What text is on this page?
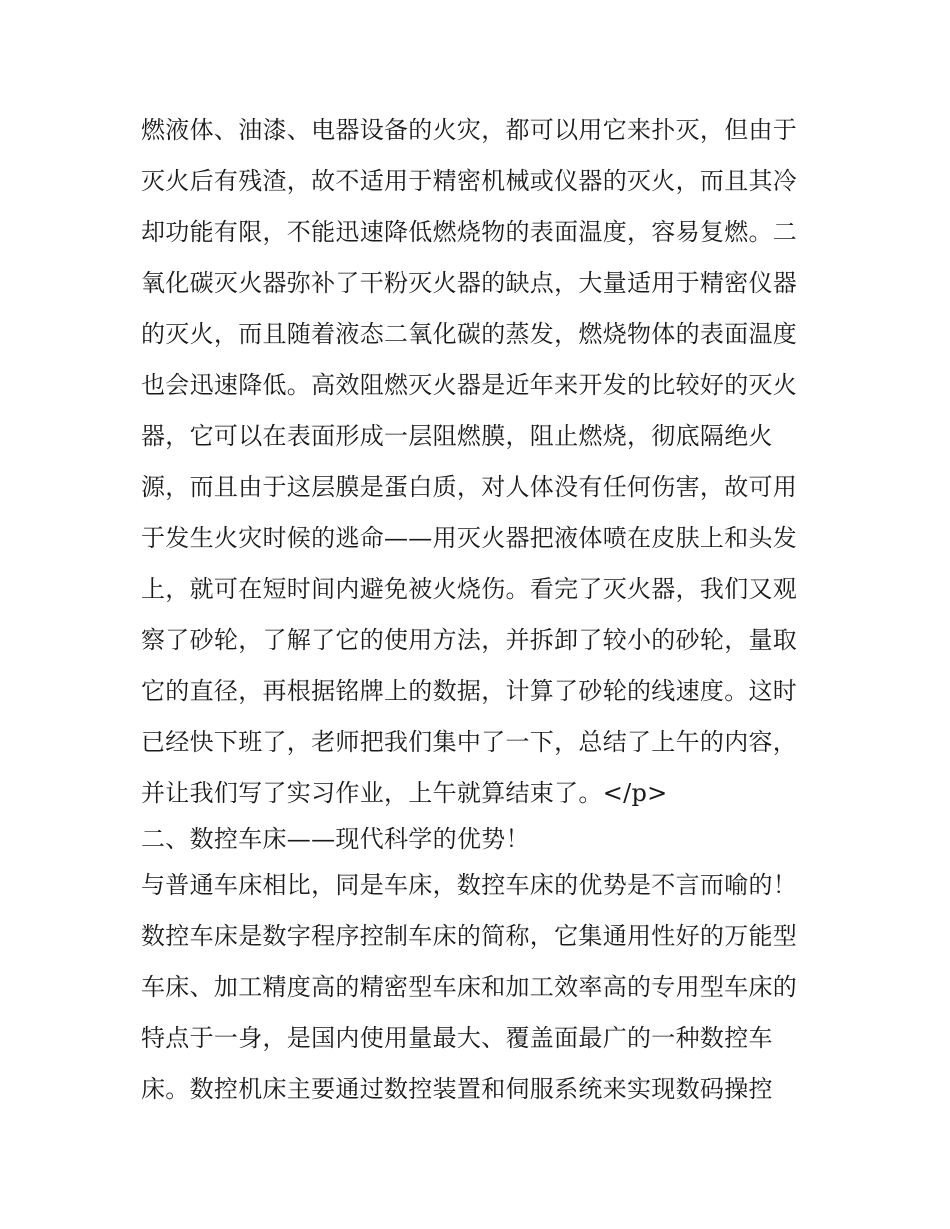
燃液体、油漆、电器设备的火灾，都可以用它来扑灭，但由于
灭火后有残渣，故不适用于精密机械或仪器的灭火，而且其冷
却功能有限，不能迅速降低燃烧物的表面温度，容易复燃。二
氧化碳灭火器弥补了干粉灭火器的缺点，大量适用于精密仪器
的灭火，而且随着液态二氧化碳的蒸发，燃烧物体的表面温度
也会迅速降低。高效阻燃灭火器是近年来开发的比较好的灭火
器，它可以在表面形成一层阻燃膜，阻止燃烧，彻底隔绝火
源，而且由于这层膜是蛋白质，对人体没有任何伤害，故可用
于发生火灾时候的逃命——用灭火器把液体喷在皮肤上和头发
上，就可在短时间内避免被火烧伤。看完了灭火器，我们又观
察了砂轮，了解了它的使用方法，并拆卸了较小的砂轮，量取
它的直径，再根据铭牌上的数据，计算了砂轮的线速度。这时
已经快下班了，老师把我们集中了一下，总结了上午的内容，
并让我们写了实习作业，上午就算结束了。</p>
二、数控车床——现代科学的优势！
与普通车床相比，同是车床，数控车床的优势是不言而喻的！
数控车床是数字程序控制车床的简称，它集通用性好的万能型
车床、加工精度高的精密型车床和加工效率高的专用型车床的
特点于一身，是国内使用量最大、覆盖面最广的一种数控车
床。数控机床主要通过数控装置和伺服系统来实现数码操控
